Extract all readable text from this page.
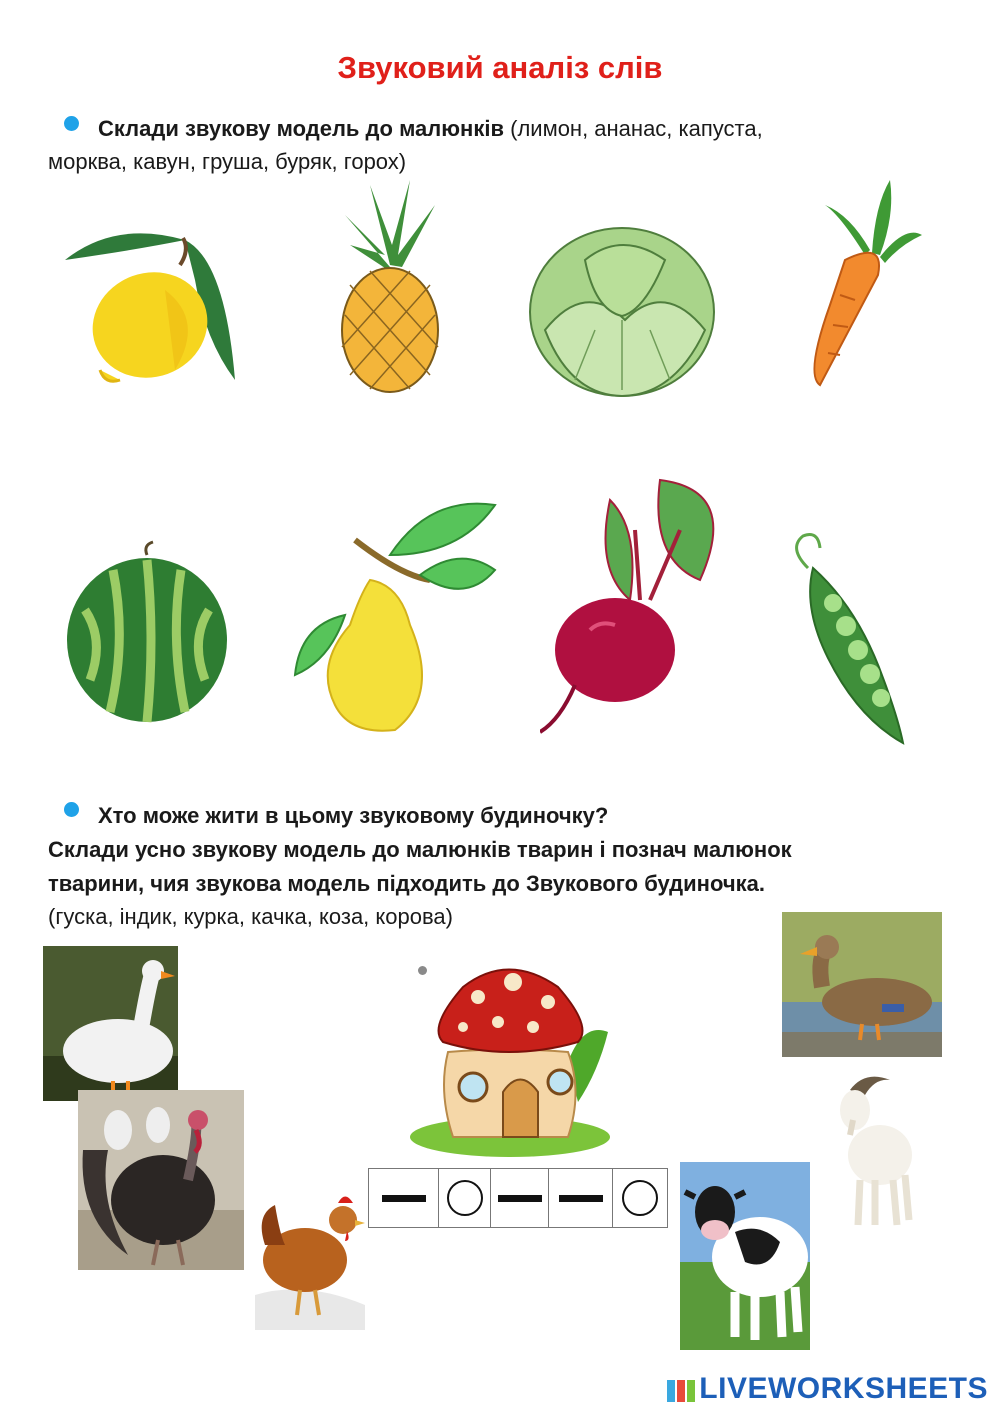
Звуковий аналіз слів
Склади звукову модель до малюнків (лимон, ананас, капуста,
морква, кавун, груша, буряк, горох)
Хто може жити в цьому звуковому будиночку?
Склади усно звукову модель до малюнків тварин і познач малюнок
тварини, чия звукова модель підходить до Звукового будиночка.
(гуска, індик, курка, качка, коза, корова)
LIVEWORKSHEETS
